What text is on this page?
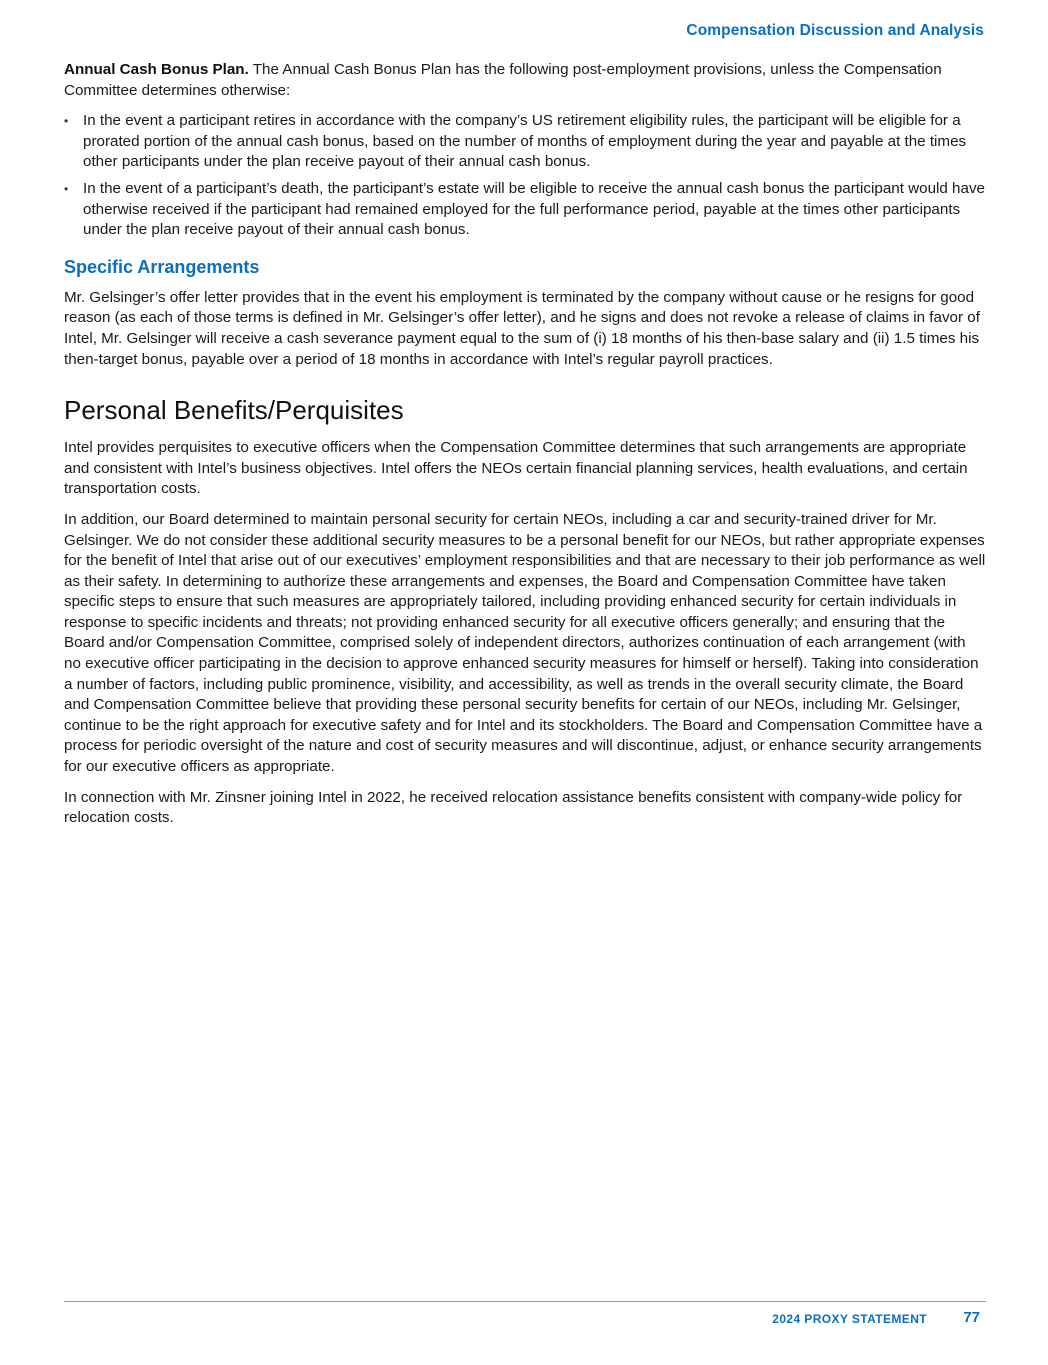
Compensation Discussion and Analysis

Annual Cash Bonus Plan. The Annual Cash Bonus Plan has the following post-employment provisions, unless the Compensation Committee determines otherwise:

• In the event a participant retires in accordance with the company’s US retirement eligibility rules, the participant will be eligible for a prorated portion of the annual cash bonus, based on the number of months of employment during the year and payable at the times other participants under the plan receive payout of their annual cash bonus.
• In the event of a participant’s death, the participant’s estate will be eligible to receive the annual cash bonus the participant would have otherwise received if the participant had remained employed for the full performance period, payable at the times other participants under the plan receive payout of their annual cash bonus.
Specific Arrangements

Mr. Gelsinger’s offer letter provides that in the event his employment is terminated by the company without cause or he resigns for good reason (as each of those terms is defined in Mr. Gelsinger’s offer letter), and he signs and does not revoke a release of claims in favor of Intel, Mr. Gelsinger will receive a cash severance payment equal to the sum of (i) 18 months of his then-base salary and (ii) 1.5 times his then-target bonus, payable over a period of 18 months in accordance with Intel’s regular payroll practices.

Personal Benefits/Perquisites

Intel provides perquisites to executive officers when the Compensation Committee determines that such arrangements are appropriate and consistent with Intel’s business objectives. Intel offers the NEOs certain financial planning services, health evaluations, and certain transportation costs.

In addition, our Board determined to maintain personal security for certain NEOs, including a car and security-trained driver for Mr. Gelsinger. We do not consider these additional security measures to be a personal benefit for our NEOs, but rather appropriate expenses for the benefit of Intel that arise out of our executives’ employment responsibilities and that are necessary to their job performance as well as their safety. In determining to authorize these arrangements and expenses, the Board and Compensation Committee have taken specific steps to ensure that such measures are appropriately tailored, including providing enhanced security for certain individuals in response to specific incidents and threats; not providing enhanced security for all executive officers generally; and ensuring that the Board and/or Compensation Committee, comprised solely of independent directors, authorizes continuation of each arrangement (with no executive officer participating in the decision to approve enhanced security measures for himself or herself). Taking into consideration a number of factors, including public prominence, visibility, and accessibility, as well as trends in the overall security climate, the Board and Compensation Committee believe that providing these personal security benefits for certain of our NEOs, including Mr. Gelsinger, continue to be the right approach for executive safety and for Intel and its stockholders. The Board and Compensation Committee have a process for periodic oversight of the nature and cost of security measures and will discontinue, adjust, or enhance security arrangements for our executive officers as appropriate.

In connection with Mr. Zinsner joining Intel in 2022, he received relocation assistance benefits consistent with company-wide policy for relocation costs.

2024 PROXY STATEMENT 77
